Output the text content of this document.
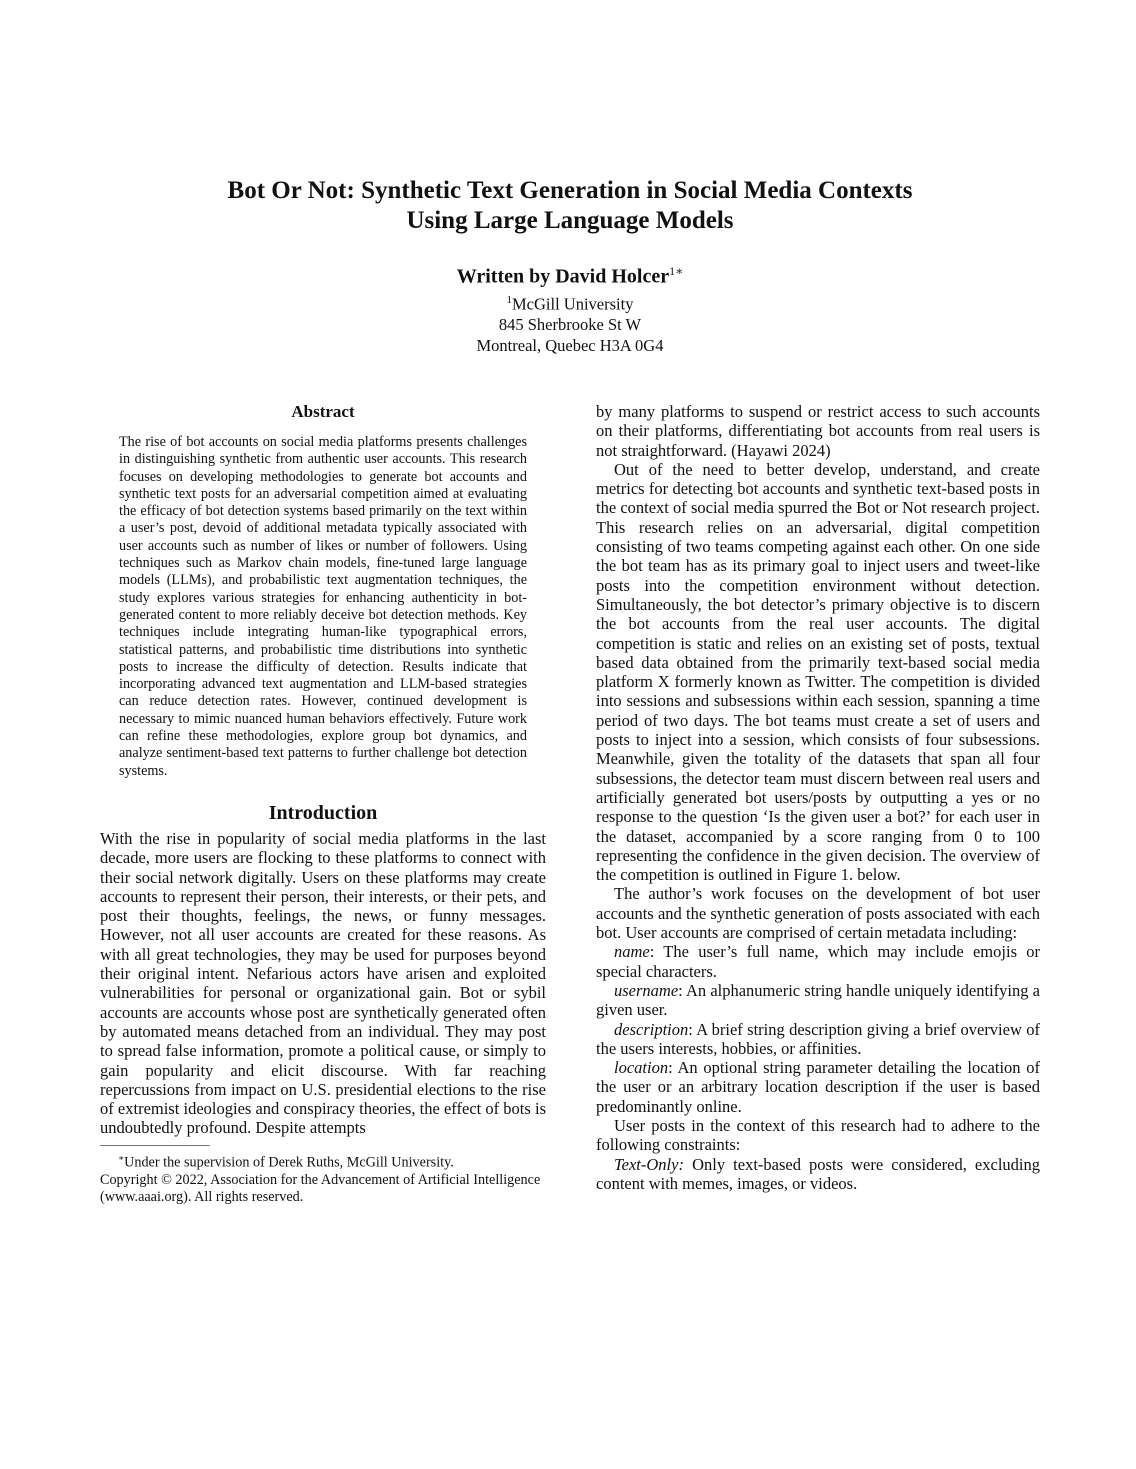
Bot Or Not: Synthetic Text Generation in Social Media Contexts
Using Large Language Models
Written by David Holcer$^{1∗}$
$^1$McGill University
845 Sherbrooke St W
Montreal, Quebec H3A 0G4
Abstract

The rise of bot accounts on social media platforms presents challenges in distinguishing synthetic from authentic user accounts. This research focuses on developing methodologies to generate bot accounts and synthetic text posts for an adversarial competition aimed at evaluating the efficacy of bot detection systems based primarily on the text within a user’s post, devoid of additional metadata typically associated with user accounts such as number of likes or number of followers. Using techniques such as Markov chain models, fine-tuned large language models (LLMs), and probabilistic text augmentation techniques, the study explores various strategies for enhancing authenticity in bot-generated content to more reliably deceive bot detection methods. Key techniques include integrating human-like typographical errors, statistical patterns, and probabilistic time distributions into synthetic posts to increase the difficulty of detection. Results indicate that incorporating advanced text augmentation and LLM-based strategies can reduce detection rates. However, continued development is necessary to mimic nuanced human behaviors effectively. Future work can refine these methodologies, explore group bot dynamics, and analyze sentiment-based text patterns to further challenge bot detection systems.

Introduction

With the rise in popularity of social media platforms in the last decade, more users are flocking to these platforms to connect with their social network digitally. Users on these platforms may create accounts to represent their person, their interests, or their pets, and post their thoughts, feelings, the news, or funny messages. However, not all user accounts are created for these reasons. As with all great technologies, they may be used for purposes beyond their original intent. Nefarious actors have arisen and exploited vulnerabilities for personal or organizational gain. Bot or sybil accounts are accounts whose post are synthetically generated often by automated means detached from an individual. They may post to spread false information, promote a political cause, or simply to gain popularity and elicit discourse. With far reaching repercussions from impact on U.S. presidential elections to the rise of extremist ideologies and conspiracy theories, the effect of bots is undoubtedly profound. Despite attempts

∗Under the supervision of Derek Ruths, McGill University.

Copyright © 2022, Association for the Advancement of Artificial Intelligence (www.aaai.org). All rights reserved.

by many platforms to suspend or restrict access to such accounts on their platforms, differentiating bot accounts from real users is not straightforward. (Hayawi 2024)

Out of the need to better develop, understand, and create metrics for detecting bot accounts and synthetic text-based posts in the context of social media spurred the Bot or Not research project. This research relies on an adversarial, digital competition consisting of two teams competing against each other. On one side the bot team has as its primary goal to inject users and tweet-like posts into the competition environment without detection. Simultaneously, the bot detector’s primary objective is to discern the bot accounts from the real user accounts. The digital competition is static and relies on an existing set of posts, textual based data obtained from the primarily text-based social media platform X formerly known as Twitter. The competition is divided into sessions and subsessions within each session, spanning a time period of two days. The bot teams must create a set of users and posts to inject into a session, which consists of four subsessions. Meanwhile, given the totality of the datasets that span all four subsessions, the detector team must discern between real users and artificially generated bot users/posts by outputting a yes or no response to the question ‘Is the given user a bot?’ for each user in the dataset, accompanied by a score ranging from 0 to 100 representing the confidence in the given decision. The overview of the competition is outlined in Figure 1. below.

The author’s work focuses on the development of bot user accounts and the synthetic generation of posts associated with each bot. User accounts are comprised of certain metadata including:

name: The user’s full name, which may include emojis or special characters.

username: An alphanumeric string handle uniquely identifying a given user.

description: A brief string description giving a brief overview of the users interests, hobbies, or affinities.

location: An optional string parameter detailing the location of the user or an arbitrary location description if the user is based predominantly online.

User posts in the context of this research had to adhere to the following constraints:

Text-Only: Only text-based posts were considered, excluding content with memes, images, or videos.
